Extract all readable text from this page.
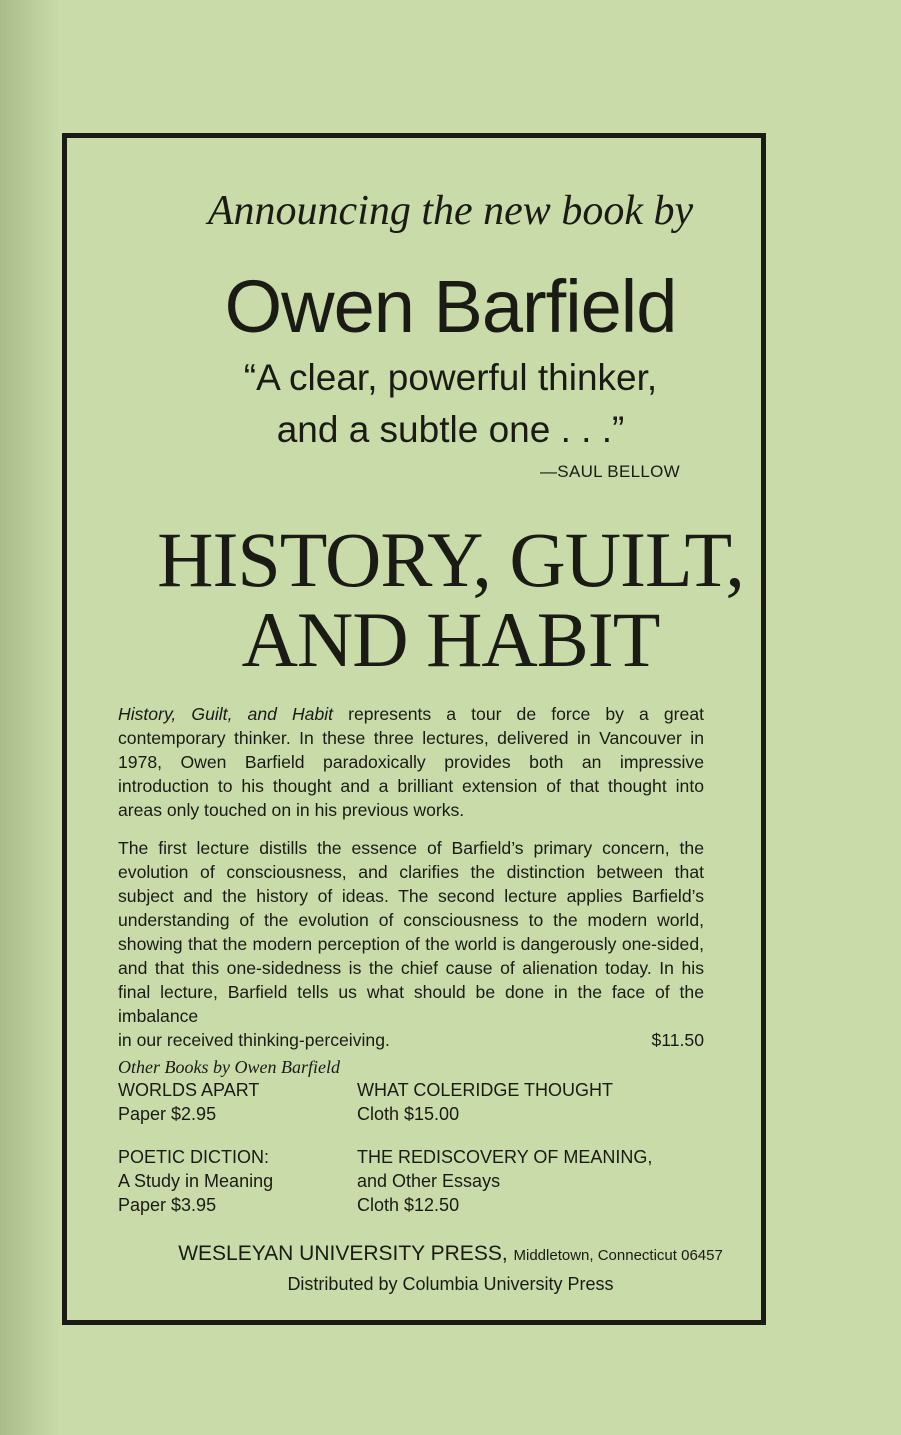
Announcing the new book by
Owen Barfield
“A clear, powerful thinker,
and a subtle one . . .”
—SAUL BELLOW
HISTORY, GUILT,
AND HABIT
History, Guilt, and Habit represents a tour de force by a great contemporary thinker. In these three lectures, delivered in Vancouver in 1978, Owen Barfield paradoxically provides both an impressive introduction to his thought and a brilliant extension of that thought into areas only touched on in his previous works.
The first lecture distills the essence of Barfield’s primary concern, the evolution of consciousness, and clarifies the distinction between that subject and the history of ideas. The second lecture applies Barfield’s understanding of the evolution of consciousness to the modern world, showing that the modern perception of the world is dangerously one-sided, and that this one-sidedness is the chief cause of alienation today. In his final lecture, Barfield tells us what should be done in the face of the imbalance
in our received thinking-perceiving.	$11.50
Other Books by Owen Barfield
WORLDS APART
Paper $2.95
WHAT COLERIDGE THOUGHT
Cloth $15.00
POETIC DICTION:
A Study in Meaning
Paper $3.95
THE REDISCOVERY OF MEANING,
and Other Essays
Cloth $12.50
WESLEYAN UNIVERSITY PRESS, Middletown, Connecticut 06457
Distributed by Columbia University Press
